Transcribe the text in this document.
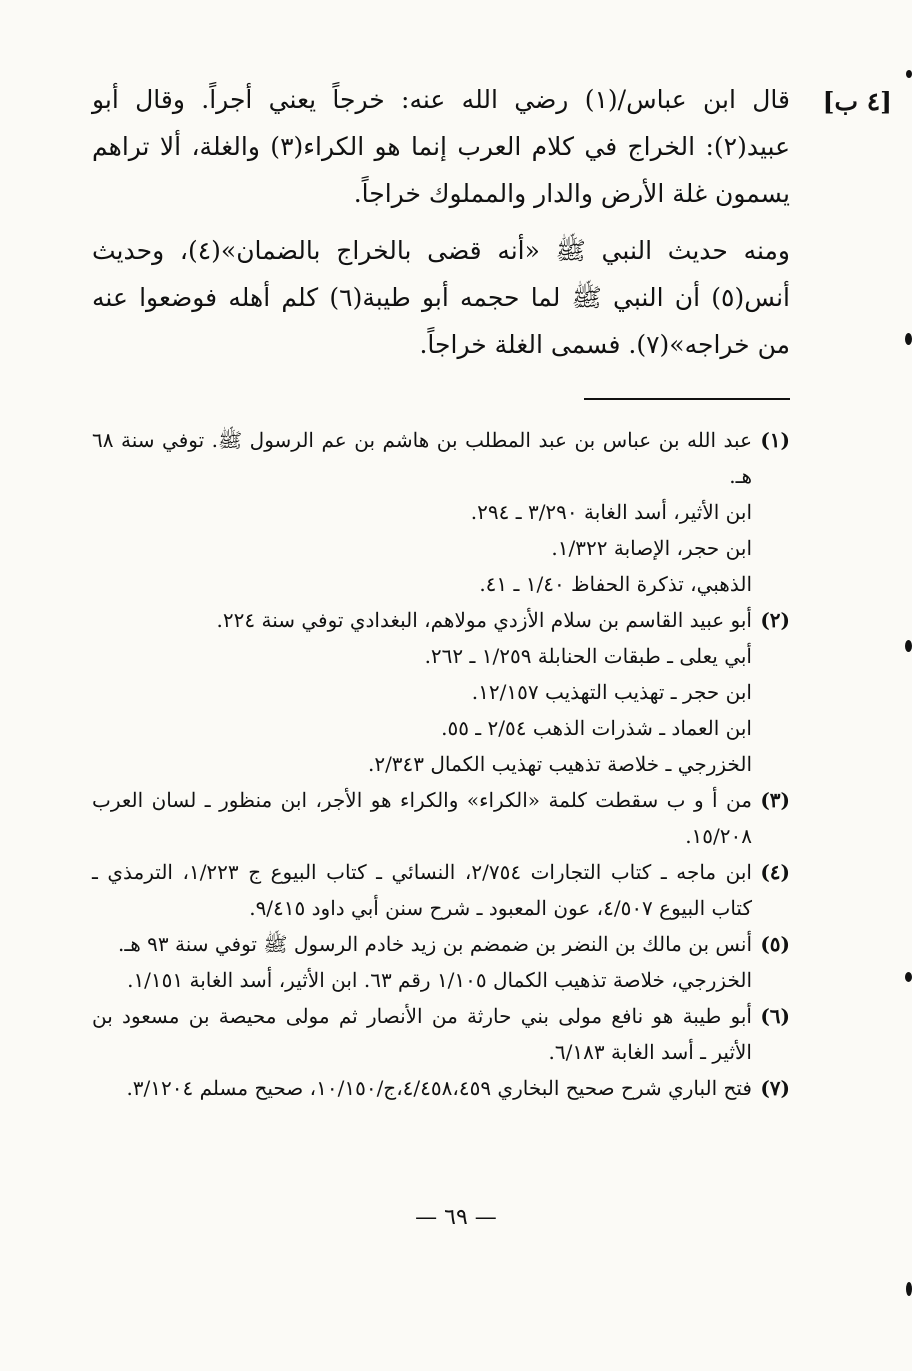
[٤ ب]

قال ابن عباس/(١) رضي الله عنه: خرجاً يعني أجراً. وقال أبو عبيد(٢): الخراج في كلام العرب إنما هو الكراء(٣) والغلة، ألا تراهم يسمون غلة الأرض والدار والمملوك خراجاً.

ومنه حديث النبي ﷺ «أنه قضى بالخراج بالضمان»(٤)، وحديث أنس(٥) أن النبي ﷺ لما حجمه أبو طيبة(٦) كلم أهله فوضعوا عنه من خراجه»(٧). فسمى الغلة خراجاً.

(١)
عبد الله بن عباس بن عبد المطلب بن هاشم بن عم الرسول ﷺ. توفي سنة ٦٨ هـ.
ابن الأثير، أسد الغابة ٣/٢٩٠ ـ ٢٩٤.
ابن حجر، الإصابة ١/٣٢٢.
الذهبي، تذكرة الحفاظ ١/٤٠ ـ ٤١.
(٢)
أبو عبيد القاسم بن سلام الأزدي مولاهم، البغدادي توفي سنة ٢٢٤.
أبي يعلى ـ طبقات الحنابلة ١/٢٥٩ ـ ٢٦٢.
ابن حجر ـ تهذيب التهذيب ١٢/١٥٧.
ابن العماد ـ شذرات الذهب ٢/٥٤ ـ ٥٥.
الخزرجي ـ خلاصة تذهيب تهذيب الكمال ٢/٣٤٣.
(٣)
من أ و ب سقطت كلمة «الكراء» والكراء هو الأجر، ابن منظور ـ لسان العرب ١٥/٢٠٨.
(٤)
ابن ماجه ـ كتاب التجارات ٢/٧٥٤، النسائي ـ كتاب البيوع ج ١/٢٢٣، الترمذي ـ كتاب البيوع ٤/٥٠٧، عون المعبود ـ شرح سنن أبي داود ٩/٤١٥.
(٥)
أنس بن مالك بن النضر بن ضمضم بن زيد خادم الرسول ﷺ توفي سنة ٩٣ هـ.
الخزرجي، خلاصة تذهيب الكمال ١/١٠٥ رقم ٦٣. ابن الأثير، أسد الغابة ١/١٥١.
(٦)
أبو طيبة هو نافع مولى بني حارثة من الأنصار ثم مولى محيصة بن مسعود بن الأثير ـ أسد الغابة ٦/١٨٣.
(٧)
فتح الباري شرح صحيح البخاري ٤/٤٥٨،٤٥٩،ج/١٠/١٥٠، صحيح مسلم ٣/١٢٠٤.
— ٦٩ —
